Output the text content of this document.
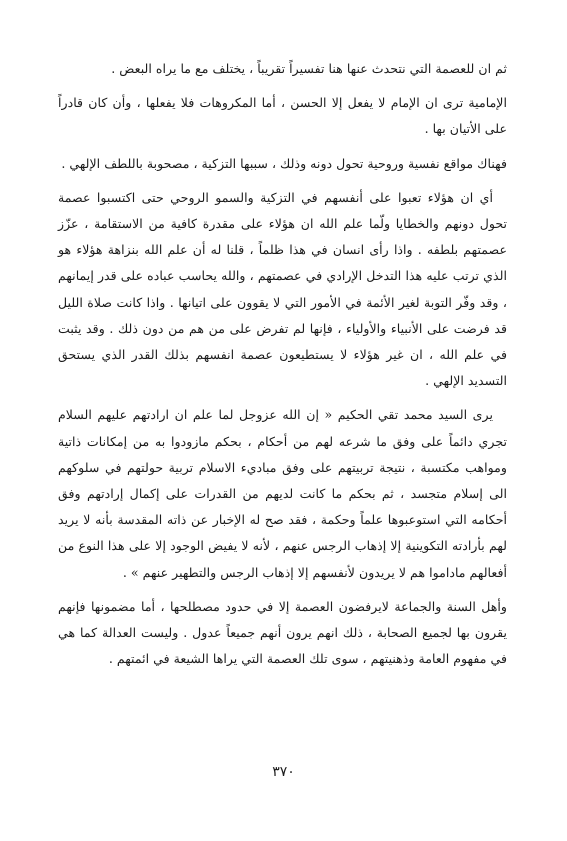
ثم ان للعصمة التي نتحدث عنها هنا تفسيراً تقريباً ، يختلف مع ما يراه البعض .

الإمامية ترى ان الإمام لا يفعل إلا الحسن ، أما المكروهات فلا يفعلها ، وأن كان قادراً على الأتيان بها .

فهناك مواقع نفسية وروحية تحول دونه وذلك ، سببها التزكية ، مصحوبة باللطف الإلهي .

أي ان هؤلاء تعبوا على أنفسهم في التزكية والسمو الروحي حتى اكتسبوا عصمة تحول دونهم والخطايا ولّما علم الله ان هؤلاء على مقدرة كافية من الاستقامة ، عزّز عصمتهم بلطفه . واذا رأى انسان في هذا ظلماً ، قلنا له أن علم الله بنزاهة هؤلاء هو الذي ترتب عليه هذا التدخل الإرادي في عصمتهم ، والله يحاسب عباده على قدر إيمانهم ، وقد وفّر التوبة لغير الأئمة في الأمور التي لا يقوون على اتيانها . واذا كانت صلاة الليل قد فرضت على الأنبياء والأولياء ، فإنها لم تفرض على من هم من دون ذلك . وقد يثبت في علم الله ، ان غير هؤلاء لا يستطيعون عصمة انفسهم بذلك القدر الذي يستحق التسديد الإلهي .

يرى السيد محمد تقي الحكيم « إن الله عزوجل لما علم ان ارادتهم عليهم السلام تجري دائماً على وفق ما شرعه لهم من أحكام ، بحكم مازودوا به من إمكانات ذاتية ومواهب مكتسبة ، نتيجة تربيتهم على وفق مباديء الاسلام تربية حولتهم في سلوكهم الى إسلام متجسد ، ثم بحكم ما كانت لديهم من القدرات على إكمال إرادتهم وفق أحكامه التي استوعبوها علماً وحكمة ، فقد صح له الإخبار عن ذاته المقدسة بأنه لا يريد لهم بأرادته التكوينية إلا إذهاب الرجس عنهم ، لأنه لا يفيض الوجود إلا على هذا النوع من أفعالهم ماداموا هم لا يريدون لأنفسهم إلا إذهاب الرجس والتطهير عنهم » .

وأهل السنة والجماعة لايرفضون العصمة إلا في حدود مصطلحها ، أما مضمونها فإنهم يقرون بها لجميع الصحابة ، ذلك انهم يرون أنهم جميعاً عدول . وليست العدالة كما هي في مفهوم العامة وذهنيتهم ، سوى تلك العصمة التي يراها الشيعة في ائمتهم .

٣٧٠
